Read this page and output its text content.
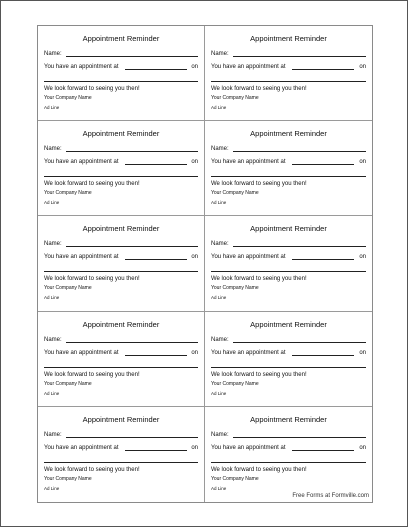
Appointment Reminder
Name:
You have an appointment at	on
We look forward to seeing you then!
Your Company Name
Ad Line
Appointment Reminder
Name:
You have an appointment at	on
We look forward to seeing you then!
Your Company Name
Ad Line
Appointment Reminder
Name:
You have an appointment at	on
We look forward to seeing you then!
Your Company Name
Ad Line
Appointment Reminder
Name:
You have an appointment at	on
We look forward to seeing you then!
Your Company Name
Ad Line
Appointment Reminder
Name:
You have an appointment at	on
We look forward to seeing you then!
Your Company Name
Ad Line
Appointment Reminder
Name:
You have an appointment at	on
We look forward to seeing you then!
Your Company Name
Ad Line
Appointment Reminder
Name:
You have an appointment at	on
We look forward to seeing you then!
Your Company Name
Ad Line
Appointment Reminder
Name:
You have an appointment at	on
We look forward to seeing you then!
Your Company Name
Ad Line
Appointment Reminder
Name:
You have an appointment at	on
We look forward to seeing you then!
Your Company Name
Ad Line
Appointment Reminder
Name:
You have an appointment at	on
We look forward to seeing you then!
Your Company Name
Ad Line
Free Forms at Formville.com
